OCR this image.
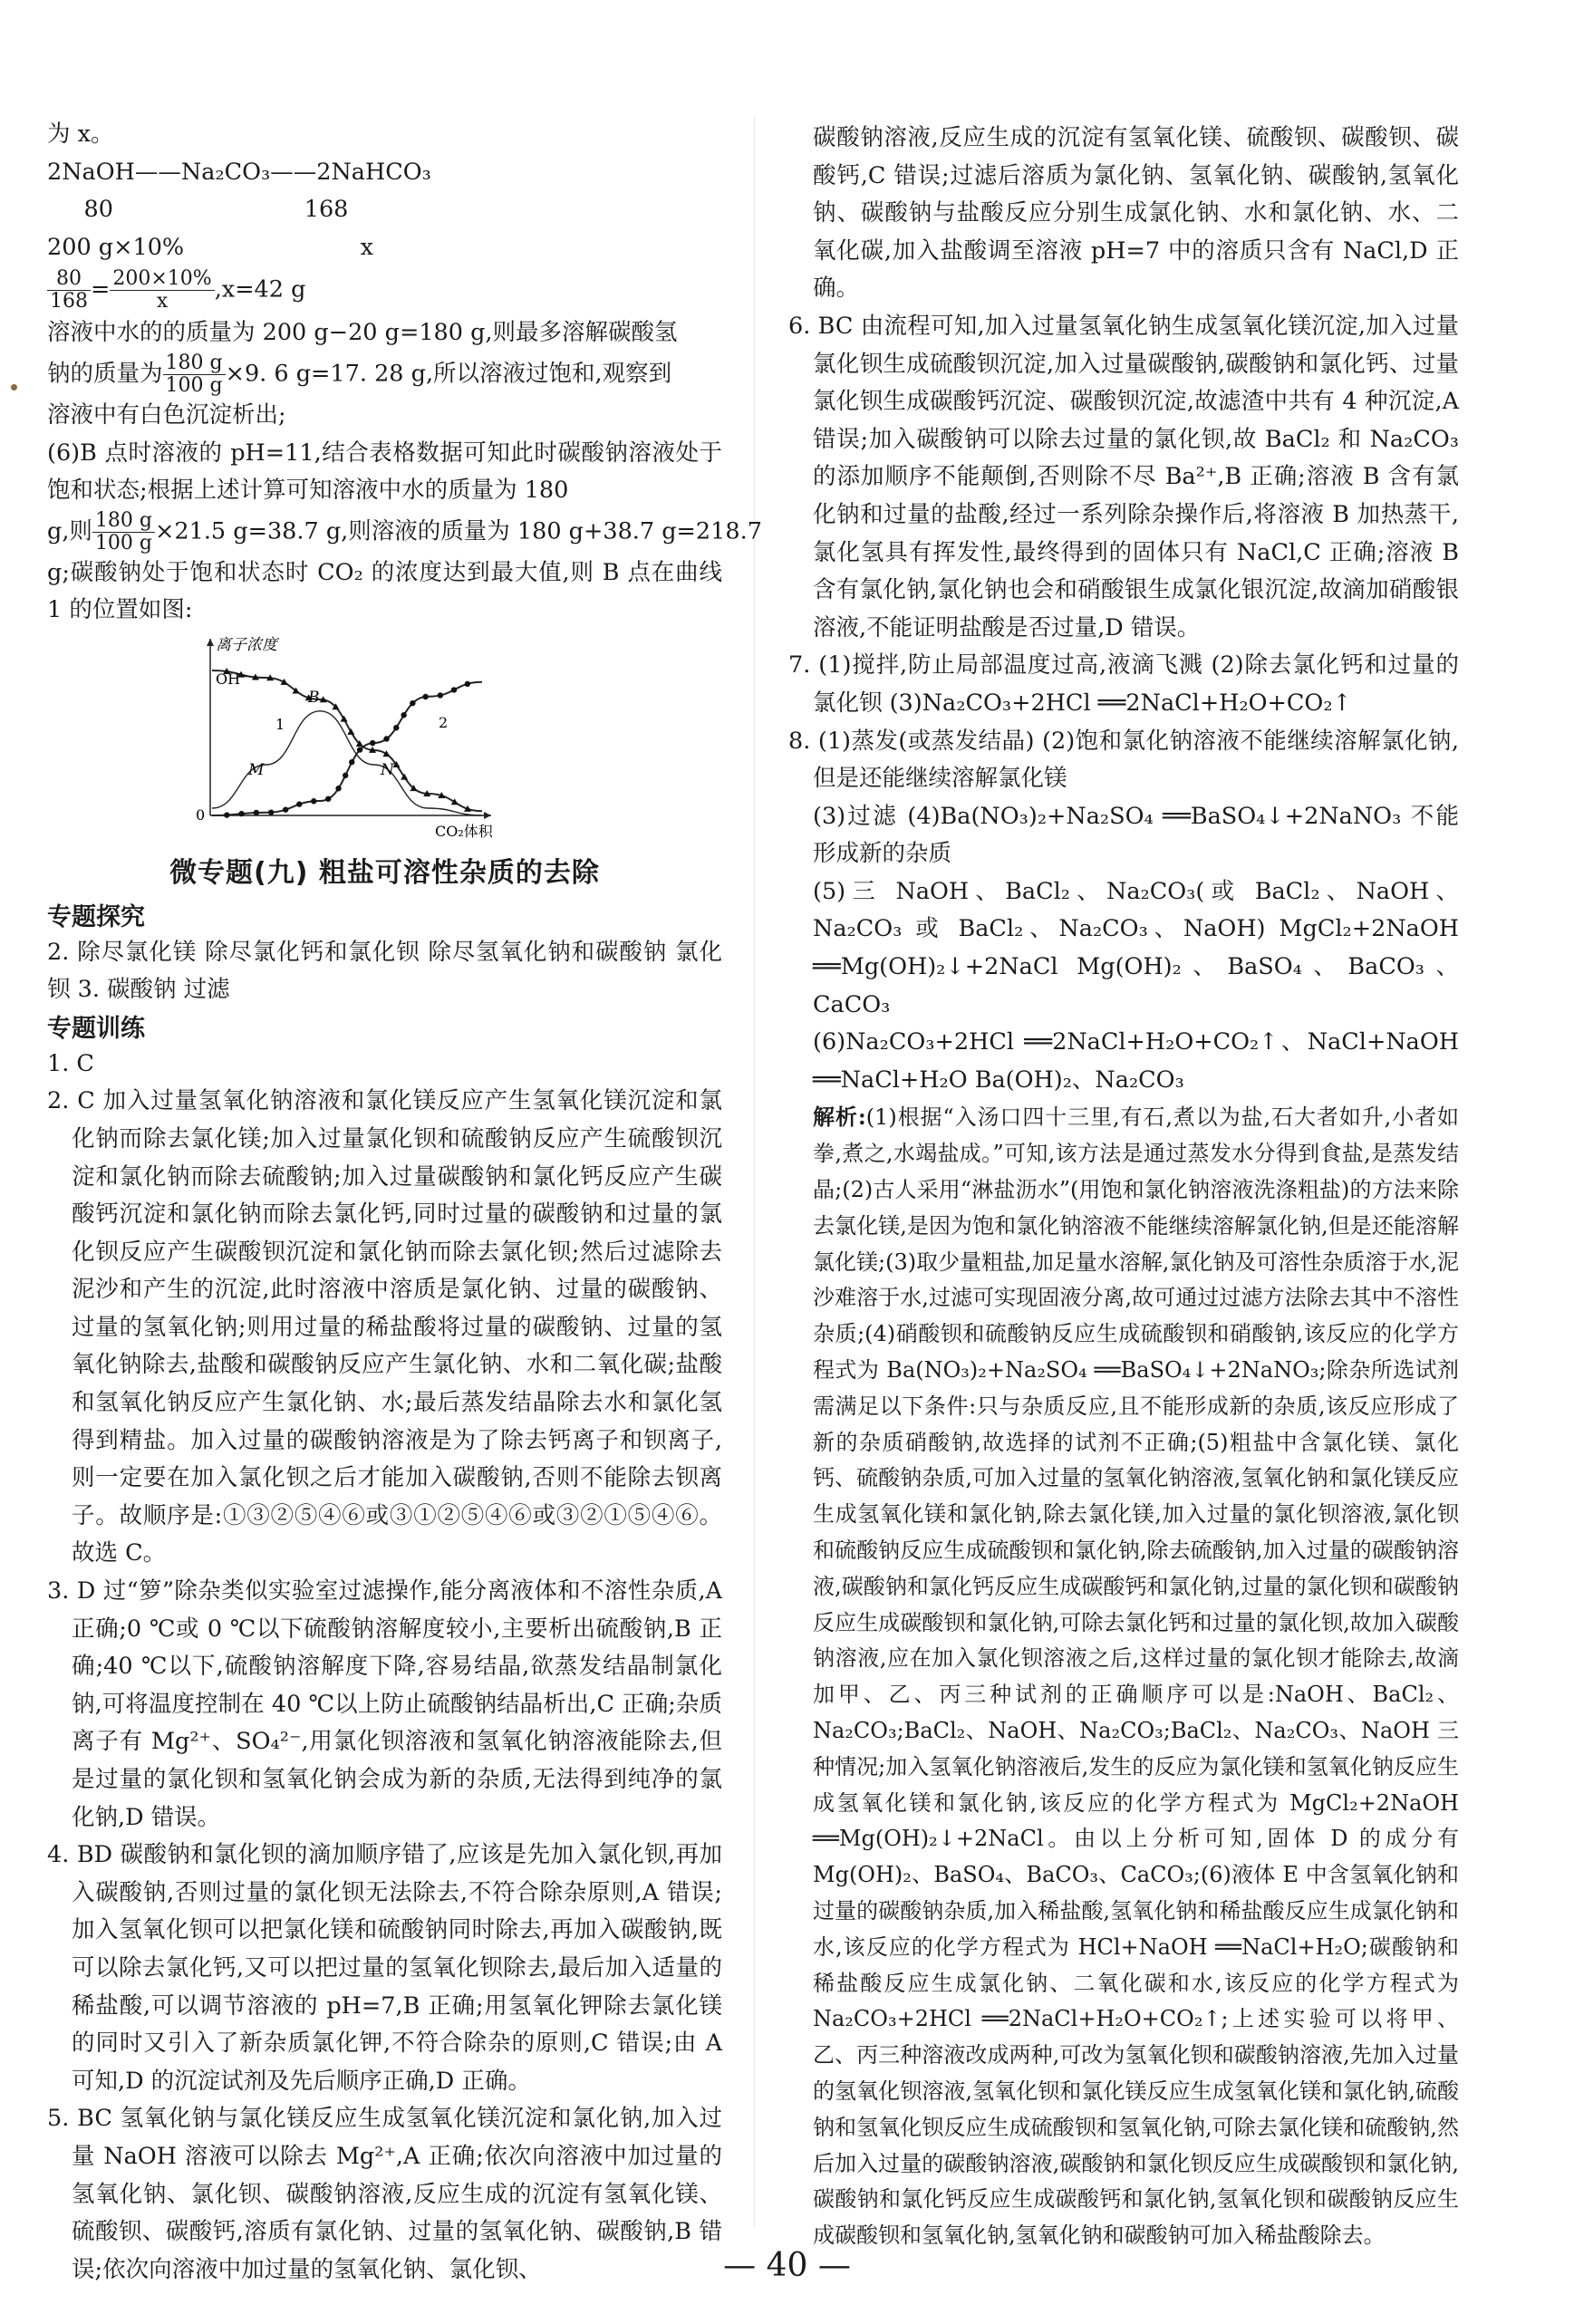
为 x。
2NaOH——Na₂CO₃——2NaHCO₃
80                          168
200 g×10%                        x
$\frac{80}{168} = \frac{200\times 10\%}{x} ,x=42$ g
溶液中水的的质量为 200 g−20 g=180 g,则最多溶解碳酸氢
钠的质量为 $\frac{180 g}{100 g} \times 9$. 6 g=17. 28 g,所以溶液过饱和,观察到
溶液中有白色沉淀析出;
(6)B 点时溶液的 pH=11,结合表格数据可知此时碳酸钠溶液处于饱和状态;根据上述计算可知溶液中水的质量为 180
g,则 $\frac{180 g}{100 g} \times 21.5$ g=38.7 g,则溶液的质量为 180 g+38.7 g=218.7
g;碳酸钠处于饱和状态时 CO₂ 的浓度达到最大值,则 B 点在曲线 1 的位置如图:
离子浓度
CO₂体积
0
OH⁻
1
B
2
M	N
微专题(九) 粗盐可溶性杂质的去除
专题探究
2. 除尽氯化镁 除尽氯化钙和氯化钡 除尽氢氧化钠和碳酸钠 氯化钡 3. 碳酸钠 过滤
专题训练
1. C
2. C 加入过量氢氧化钠溶液和氯化镁反应产生氢氧化镁沉淀和氯化钠而除去氯化镁;加入过量氯化钡和硫酸钠反应产生硫酸钡沉淀和氯化钠而除去硫酸钠;加入过量碳酸钠和氯化钙反应产生碳酸钙沉淀和氯化钠而除去氯化钙,同时过量的碳酸钠和过量的氯化钡反应产生碳酸钡沉淀和氯化钠而除去氯化钡;然后过滤除去泥沙和产生的沉淀,此时溶液中溶质是氯化钠、过量的碳酸钠、过量的氢氧化钠;则用过量的稀盐酸将过量的碳酸钠、过量的氢氧化钠除去,盐酸和碳酸钠反应产生氯化钠、水和二氧化碳;盐酸和氢氧化钠反应产生氯化钠、水;最后蒸发结晶除去水和氯化氢得到精盐。加入过量的碳酸钠溶液是为了除去钙离子和钡离子,则一定要在加入氯化钡之后才能加入碳酸钠,否则不能除去钡离子。故顺序是:①③②⑤④⑥或③①②⑤④⑥或③②①⑤④⑥。故选 C。
3. D 过“箩”除杂类似实验室过滤操作,能分离液体和不溶性杂质,A 正确;0 ℃或 0 ℃以下硫酸钠溶解度较小,主要析出硫酸钠,B 正确;40 ℃以下,硫酸钠溶解度下降,容易结晶,欲蒸发结晶制氯化钠,可将温度控制在 40 ℃以上防止硫酸钠结晶析出,C 正确;杂质离子有 Mg²⁺、SO₄²⁻,用氯化钡溶液和氢氧化钠溶液能除去,但是过量的氯化钡和氢氧化钠会成为新的杂质,无法得到纯净的氯化钠,D 错误。
4. BD 碳酸钠和氯化钡的滴加顺序错了,应该是先加入氯化钡,再加入碳酸钠,否则过量的氯化钡无法除去,不符合除杂原则,A 错误;加入氢氧化钡可以把氯化镁和硫酸钠同时除去,再加入碳酸钠,既可以除去氯化钙,又可以把过量的氢氧化钡除去,最后加入适量的稀盐酸,可以调节溶液的 pH=7,B 正确;用氢氧化钾除去氯化镁的同时又引入了新杂质氯化钾,不符合除杂的原则,C 错误;由 A 可知,D 的沉淀试剂及先后顺序正确,D 正确。
5. BC 氢氧化钠与氯化镁反应生成氢氧化镁沉淀和氯化钠,加入过量 NaOH 溶液可以除去 Mg²⁺,A 正确;依次向溶液中加过量的氢氧化钠、氯化钡、碳酸钠溶液,反应生成的沉淀有氢氧化镁、硫酸钡、碳酸钙,溶质有氯化钠、过量的氢氧化钠、碳酸钠,B 错误;依次向溶液中加过量的氢氧化钠、氯化钡、
碳酸钠溶液,反应生成的沉淀有氢氧化镁、硫酸钡、碳酸钡、碳酸钙,C 错误;过滤后溶质为氯化钠、氢氧化钠、碳酸钠,氢氧化钠、碳酸钠与盐酸反应分别生成氯化钠、水和氯化钠、水、二氧化碳,加入盐酸调至溶液 pH=7 中的溶质只含有 NaCl,D 正确。
6. BC 由流程可知,加入过量氢氧化钠生成氢氧化镁沉淀,加入过量氯化钡生成硫酸钡沉淀,加入过量碳酸钠,碳酸钠和氯化钙、过量氯化钡生成碳酸钙沉淀、碳酸钡沉淀,故滤渣中共有 4 种沉淀,A 错误;加入碳酸钠可以除去过量的氯化钡,故 BaCl₂ 和 Na₂CO₃ 的添加顺序不能颠倒,否则除不尽 Ba²⁺,B 正确;溶液 B 含有氯化钠和过量的盐酸,经过一系列除杂操作后,将溶液 B 加热蒸干,氯化氢具有挥发性,最终得到的固体只有 NaCl,C 正确;溶液 B 含有氯化钠,氯化钠也会和硝酸银生成氯化银沉淀,故滴加硝酸银溶液,不能证明盐酸是否过量,D 错误。
7. (1)搅拌,防止局部温度过高,液滴飞溅 (2)除去氯化钙和过量的氯化钡 (3)Na₂CO₃+2HCl ══2NaCl+H₂O+CO₂↑
8. (1)蒸发(或蒸发结晶) (2)饱和氯化钠溶液不能继续溶解氯化钠,但是还能继续溶解氯化镁
(3)过滤 (4)Ba(NO₃)₂+Na₂SO₄ ══BaSO₄↓+2NaNO₃ 不能形成新的杂质
(5)三 NaOH、BaCl₂、Na₂CO₃(或 BaCl₂、NaOH、Na₂CO₃ 或 BaCl₂、Na₂CO₃、NaOH) MgCl₂+2NaOH ══Mg(OH)₂↓+2NaCl Mg(OH)₂、BaSO₄、BaCO₃、CaCO₃
(6)Na₂CO₃+2HCl ══2NaCl+H₂O+CO₂↑、NaCl+NaOH ══NaCl+H₂O Ba(OH)₂、Na₂CO₃
解析:(1)根据“入汤口四十三里,有石,煮以为盐,石大者如升,小者如拳,煮之,水竭盐成。”可知,该方法是通过蒸发水分得到食盐,是蒸发结晶;(2)古人采用“淋盐沥水”(用饱和氯化钠溶液洗涤粗盐)的方法来除去氯化镁,是因为饱和氯化钠溶液不能继续溶解氯化钠,但是还能溶解氯化镁;(3)取少量粗盐,加足量水溶解,氯化钠及可溶性杂质溶于水,泥沙难溶于水,过滤可实现固液分离,故可通过过滤方法除去其中不溶性杂质;(4)硝酸钡和硫酸钠反应生成硫酸钡和硝酸钠,该反应的化学方程式为 Ba(NO₃)₂+Na₂SO₄ ══BaSO₄↓+2NaNO₃;除杂所选试剂需满足以下条件:只与杂质反应,且不能形成新的杂质,该反应形成了新的杂质硝酸钠,故选择的试剂不正确;(5)粗盐中含氯化镁、氯化钙、硫酸钠杂质,可加入过量的氢氧化钠溶液,氢氧化钠和氯化镁反应生成氢氧化镁和氯化钠,除去氯化镁,加入过量的氯化钡溶液,氯化钡和硫酸钠反应生成硫酸钡和氯化钠,除去硫酸钠,加入过量的碳酸钠溶液,碳酸钠和氯化钙反应生成碳酸钙和氯化钠,过量的氯化钡和碳酸钠反应生成碳酸钡和氯化钠,可除去氯化钙和过量的氯化钡,故加入碳酸钠溶液,应在加入氯化钡溶液之后,这样过量的氯化钡才能除去,故滴加甲、乙、丙三种试剂的正确顺序可以是:NaOH、BaCl₂、Na₂CO₃;BaCl₂、NaOH、Na₂CO₃;BaCl₂、Na₂CO₃、NaOH 三种情况;加入氢氧化钠溶液后,发生的反应为氯化镁和氢氧化钠反应生成氢氧化镁和氯化钠,该反应的化学方程式为 MgCl₂+2NaOH ══Mg(OH)₂↓+2NaCl。由以上分析可知,固体 D 的成分有 Mg(OH)₂、BaSO₄、BaCO₃、CaCO₃;(6)液体 E 中含氢氧化钠和过量的碳酸钠杂质,加入稀盐酸,氢氧化钠和稀盐酸反应生成氯化钠和水,该反应的化学方程式为 HCl+NaOH ══NaCl+H₂O;碳酸钠和稀盐酸反应生成氯化钠、二氧化碳和水,该反应的化学方程式为 Na₂CO₃+2HCl ══2NaCl+H₂O+CO₂↑;上述实验可以将甲、乙、丙三种溶液改成两种,可改为氢氧化钡和碳酸钠溶液,先加入过量的氢氧化钡溶液,氢氧化钡和氯化镁反应生成氢氧化镁和氯化钠,硫酸钠和氢氧化钡反应生成硫酸钡和氢氧化钠,可除去氯化镁和硫酸钠,然后加入过量的碳酸钠溶液,碳酸钠和氯化钡反应生成碳酸钡和氯化钠,碳酸钠和氯化钙反应生成碳酸钙和氯化钠,氢氧化钡和碳酸钠反应生成碳酸钡和氢氧化钠,氢氧化钠和碳酸钠可加入稀盐酸除去。
— 40 —
